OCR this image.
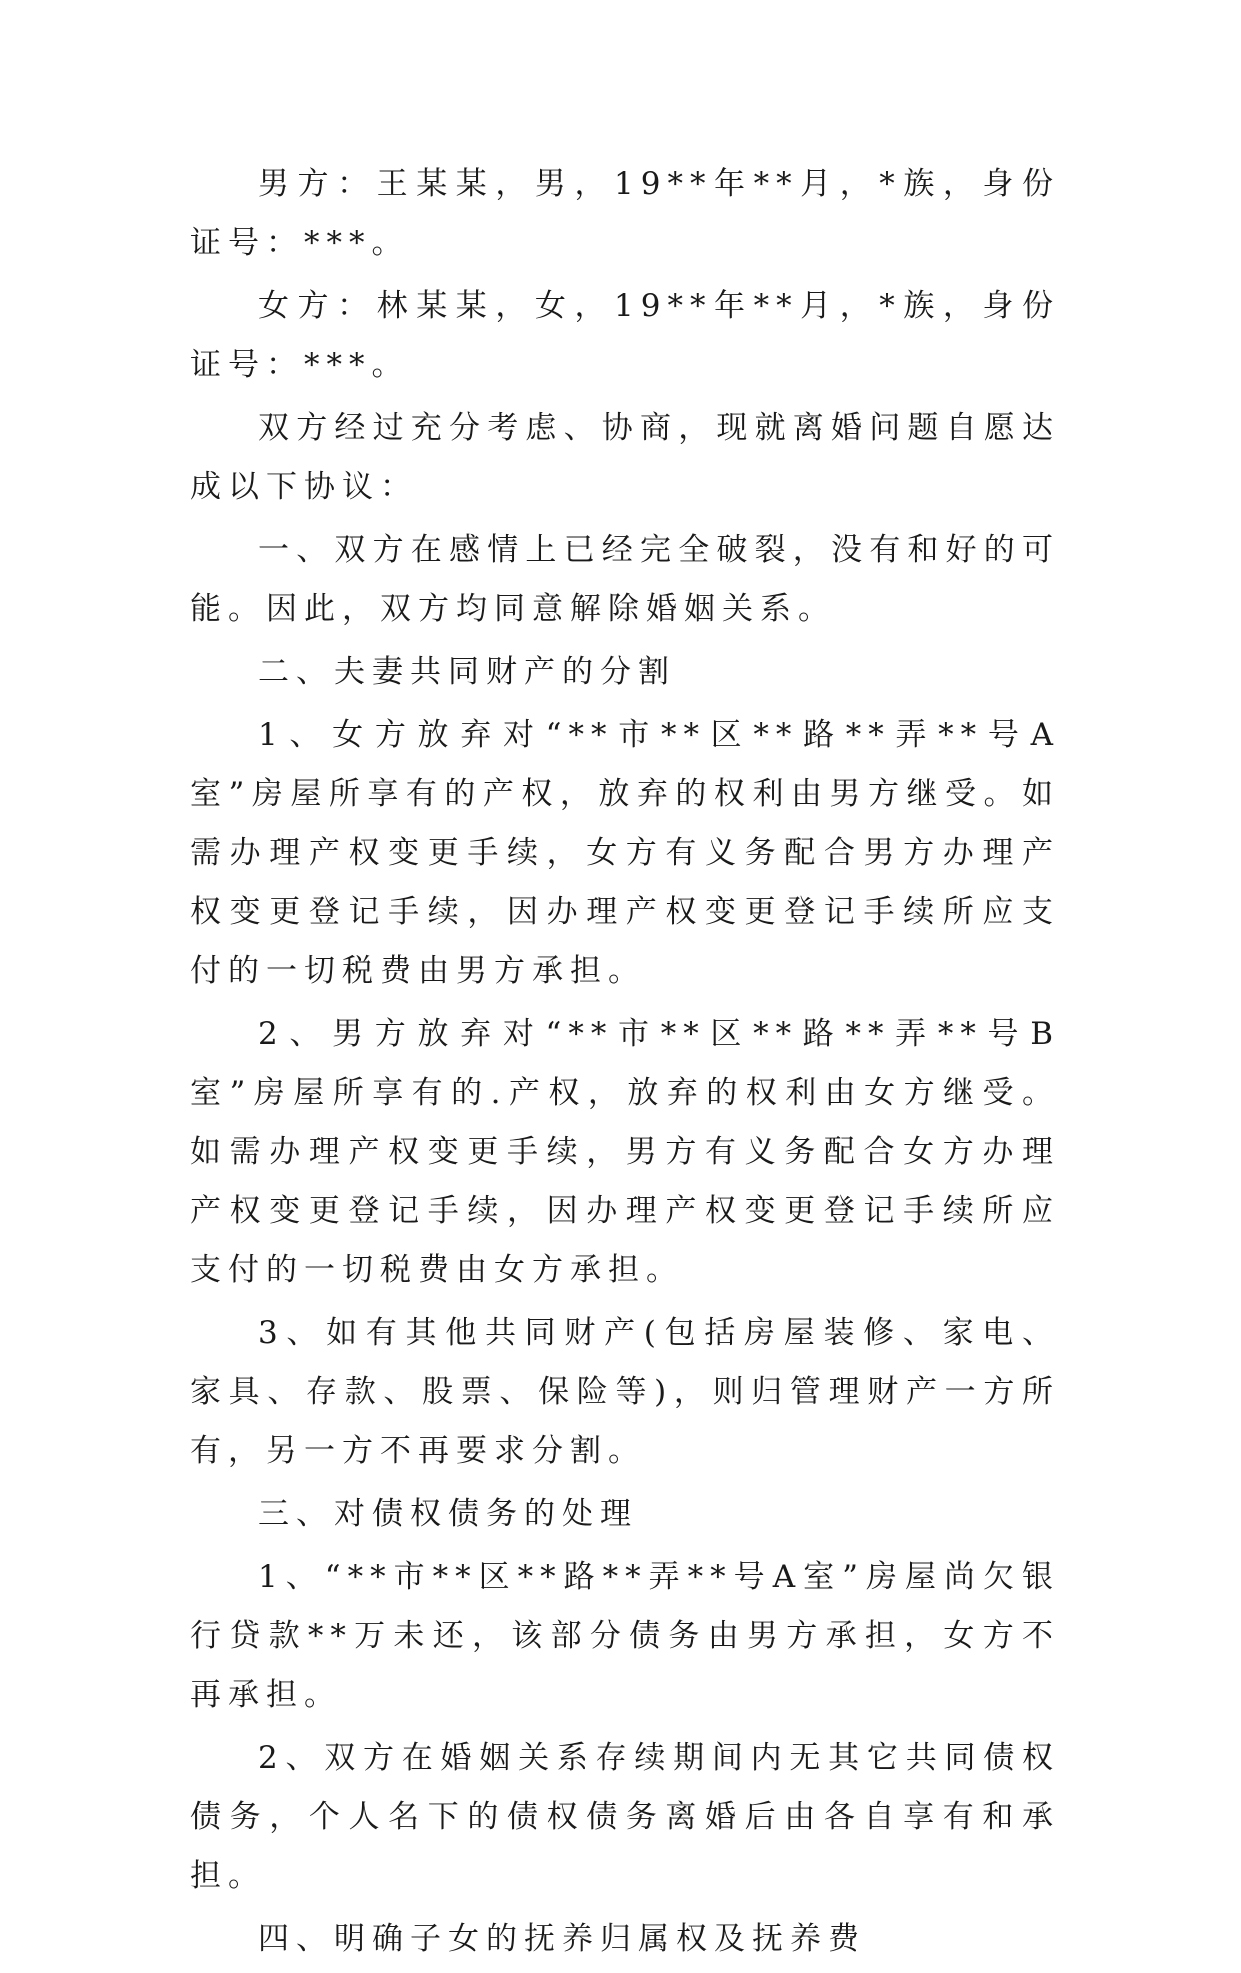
男方：王某某，男，19**年**月，*族，身份证号：***。

女方：林某某，女，19**年**月，*族，身份证号：***。

双方经过充分考虑、协商，现就离婚问题自愿达成以下协议：

一、双方在感情上已经完全破裂，没有和好的可能。因此，双方均同意解除婚姻关系。

二、夫妻共同财产的分割

1、女方放弃对“**市**区**路**弄**号A室”房屋所享有的产权，放弃的权利由男方继受。如需办理产权变更手续，女方有义务配合男方办理产权变更登记手续，因办理产权变更登记手续所应支付的一切税费由男方承担。

2、男方放弃对“**市**区**路**弄**号B室”房屋所享有的.产权，放弃的权利由女方继受。如需办理产权变更手续，男方有义务配合女方办理产权变更登记手续，因办理产权变更登记手续所应支付的一切税费由女方承担。

3、如有其他共同财产(包括房屋装修、家电、家具、存款、股票、保险等)，则归管理财产一方所有，另一方不再要求分割。

三、对债权债务的处理

1、“**市**区**路**弄**号A室”房屋尚欠银行贷款**万未还，该部分债务由男方承担，女方不再承担。

2、双方在婚姻关系存续期间内无其它共同债权债务，个人名下的债权债务离婚后由各自享有和承担。

四、明确子女的抚养归属权及抚养费
